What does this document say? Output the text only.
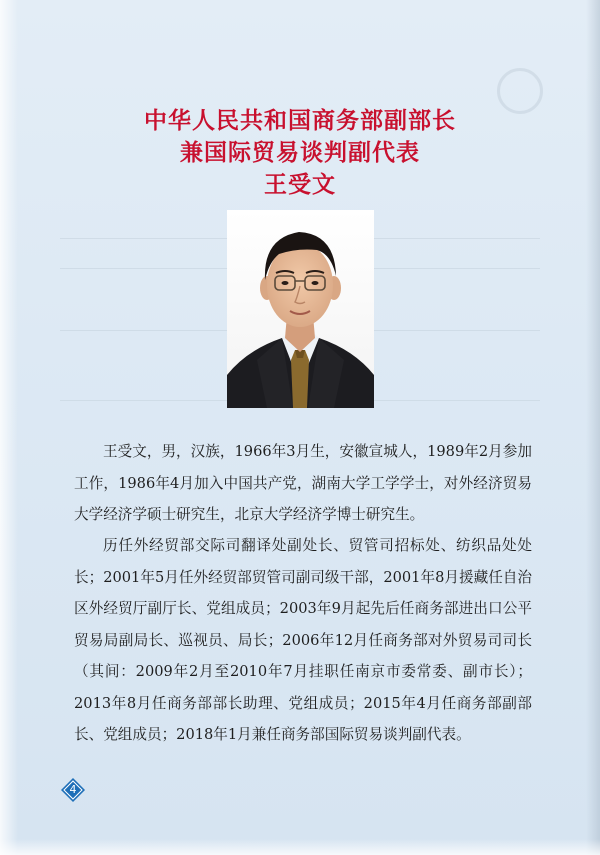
中华人民共和国商务部副部长
兼国际贸易谈判副代表
王受文

王受文，男，汉族，1966年3月生，安徽宣城人，1989年2月参加工作，1986年4月加入中国共产党，湖南大学工学学士，对外经济贸易大学经济学硕士研究生，北京大学经济学博士研究生。

历任外经贸部交际司翻译处副处长、贸管司招标处、纺织品处处长；2001年5月任外经贸部贸管司副司级干部，2001年8月援藏任自治区外经贸厅副厅长、党组成员；2003年9月起先后任商务部进出口公平贸易局副局长、巡视员、局长；2006年12月任商务部对外贸易司司长（其间：2009年2月至2010年7月挂职任南京市委常委、副市长）；2013年8月任商务部部长助理、党组成员；2015年4月任商务部副部长、党组成员；2018年1月兼任商务部国际贸易谈判副代表。

4
